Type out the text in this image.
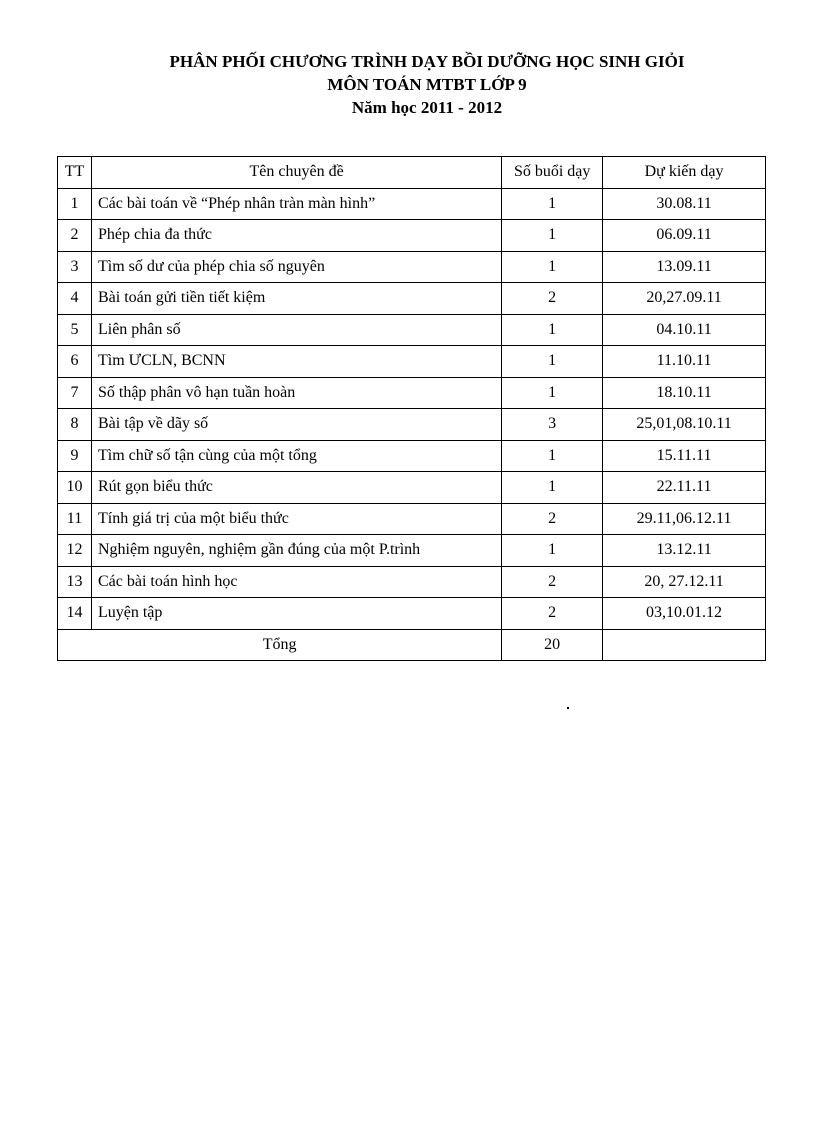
PHÂN PHỐI CHƯƠNG TRÌNH DẠY BỒI DƯỠNG HỌC SINH GIỎI
MÔN TOÁN MTBT LỚP 9
Năm học 2011 - 2012
TT	Tên chuyên đề	Số buổi dạy	Dự kiến dạy
1	Các bài toán về “Phép nhân tràn màn hình”	1	30.08.11
2	Phép chia đa thức	1	06.09.11
3	Tìm số dư của phép chia số nguyên	1	13.09.11
4	Bài toán gửi tiền tiết kiệm	2	20,27.09.11
5	Liên phân số	1	04.10.11
6	Tìm ƯCLN, BCNN	1	11.10.11
7	Số thập phân vô hạn tuần hoàn	1	18.10.11
8	Bài tập về dãy số	3	25,01,08.10.11
9	Tìm chữ số tận cùng của một tổng	1	15.11.11
10	Rút gọn biểu thức	1	22.11.11
11	Tính giá trị của một biểu thức	2	29.11,06.12.11
12	Nghiệm nguyên, nghiệm gần đúng của một P.trình	1	13.12.11
13	Các bài toán hình học	2	20, 27.12.11
14	Luyện tập	2	03,10.01.12
Tổng		20	
